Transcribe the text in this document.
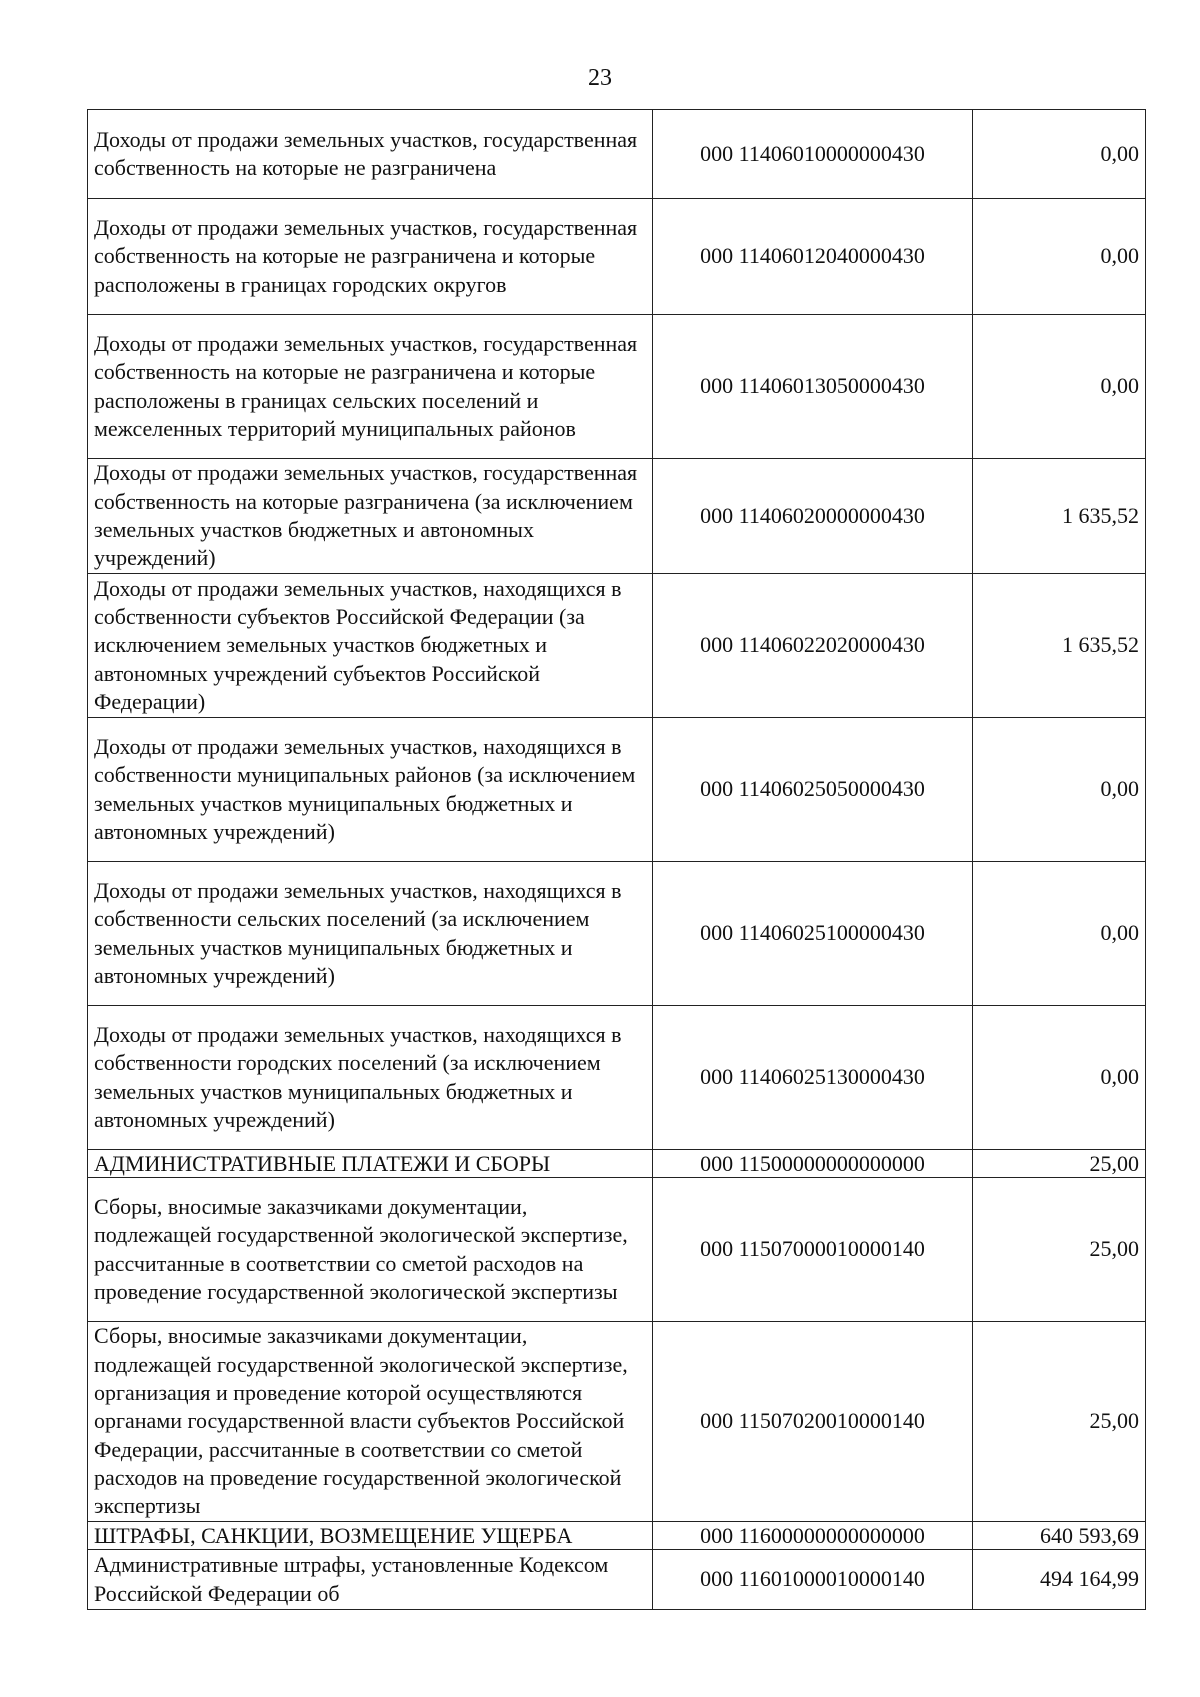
23
Доходы от продажи земельных участков, государственная собственность на которые не разграничена	000 11406010000000430	0,00
Доходы от продажи земельных участков, государственная собственность на которые не разграничена и которые расположены в границах городских округов	000 11406012040000430	0,00
Доходы от продажи земельных участков, государственная собственность на которые не разграничена и которые расположены в границах сельских поселений и межселенных территорий муниципальных районов	000 11406013050000430	0,00
Доходы от продажи земельных участков, государственная собственность на которые разграничена (за исключением земельных участков бюджетных и автономных учреждений)	000 11406020000000430	1 635,52
Доходы от продажи земельных участков, находящихся в собственности субъектов Российской Федерации (за исключением земельных участков бюджетных и автономных учреждений субъектов Российской Федерации)	000 11406022020000430	1 635,52
Доходы от продажи земельных участков, находящихся в собственности муниципальных районов (за исключением земельных участков муниципальных бюджетных и автономных учреждений)	000 11406025050000430	0,00
Доходы от продажи земельных участков, находящихся в собственности сельских поселений (за исключением земельных участков муниципальных бюджетных и автономных учреждений)	000 11406025100000430	0,00
Доходы от продажи земельных участков, находящихся в собственности городских поселений (за исключением земельных участков муниципальных бюджетных и автономных учреждений)	000 11406025130000430	0,00
АДМИНИСТРАТИВНЫЕ ПЛАТЕЖИ И СБОРЫ	000 11500000000000000	25,00
Сборы, вносимые заказчиками документации, подлежащей государственной экологической экспертизе, рассчитанные в соответствии со сметой расходов на проведение государственной экологической экспертизы	000 11507000010000140	25,00
Сборы, вносимые заказчиками документации, подлежащей государственной экологической экспертизе, организация и проведение которой осуществляются органами государственной власти субъектов Российской Федерации, рассчитанные в соответствии со сметой расходов на проведение государственной экологической экспертизы	000 11507020010000140	25,00
ШТРАФЫ, САНКЦИИ, ВОЗМЕЩЕНИЕ УЩЕРБА	000 11600000000000000	640 593,69
Административные штрафы, установленные Кодексом Российской Федерации об	000 11601000010000140	494 164,99
